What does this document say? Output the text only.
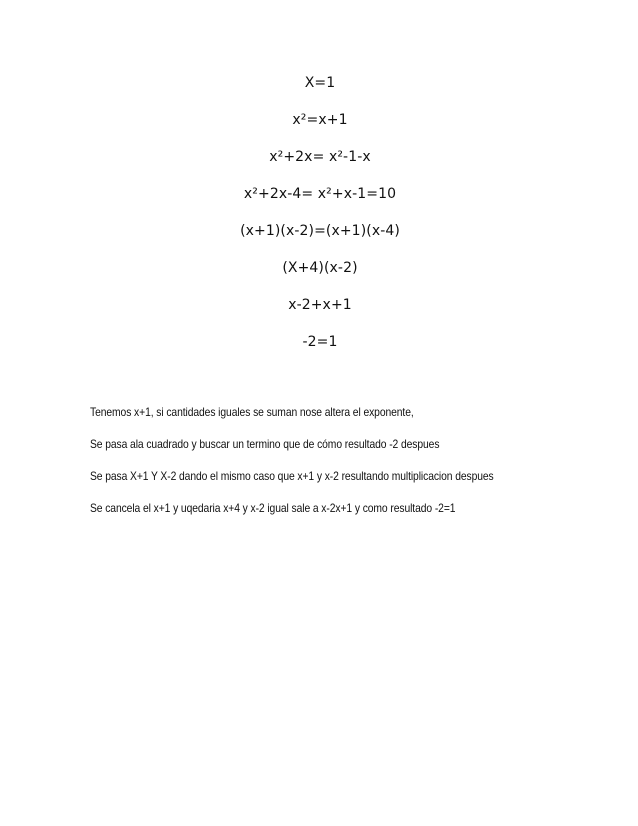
X=1
x²=x+1
x²+2x= x²-1-x
x²+2x-4= x²+x-1=10
(x+1)(x-2)=(x+1)(x-4)
(X+4)(x-2)
x-2+x+1
-2=1
Tenemos x+1, si cantidades iguales se suman nose altera el exponente,
Se pasa ala cuadrado y buscar un termino que de cómo resultado -2 despues
Se pasa X+1 Y X-2 dando el mismo caso que x+1 y x-2 resultando multiplicacion despues
Se cancela el x+1 y uqedaria x+4 y x-2 igual sale a x-2x+1 y como resultado -2=1
